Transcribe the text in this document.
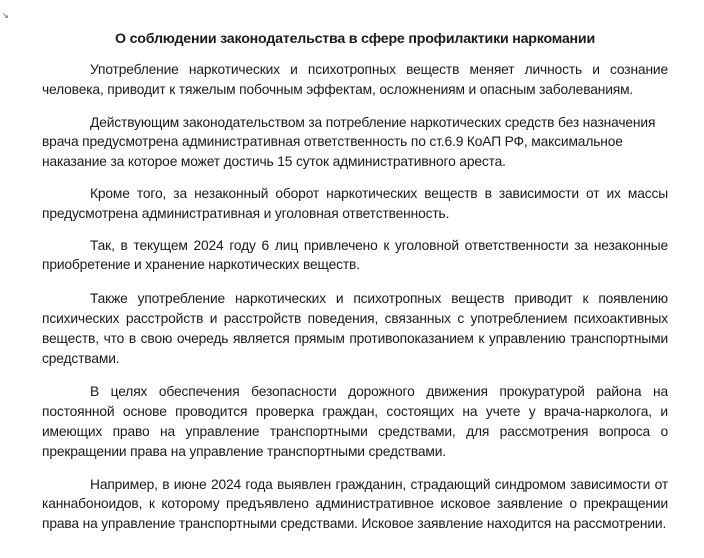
↘
О соблюдении законодательства в сфере профилактики наркомании

Употребление наркотических и психотропных веществ меняет личность и сознание человека, приводит к тяжелым побочным эффектам, осложнениям и опасным заболеваниям.

Действующим законодательством за потребление наркотических средств без назначения врача предусмотрена административная ответственность по ст.6.9 КоАП РФ, максимальное наказание за которое может достичь 15 суток административного ареста.

Кроме того, за незаконный оборот наркотических веществ в зависимости от их массы предусмотрена административная и уголовная ответственность.

Так, в текущем 2024 году 6 лиц привлечено к уголовной ответственности за незаконные приобретение и хранение наркотических веществ.

Также употребление наркотических и психотропных веществ приводит к появлению психических расстройств и расстройств поведения, связанных с употреблением психоактивных веществ, что в свою очередь является прямым противопоказанием к управлению транспортными средствами.

В целях обеспечения безопасности дорожного движения прокуратурой района на постоянной основе проводится проверка граждан, состоящих на учете у врача-нарколога, и имеющих право на управление транспортными средствами, для рассмотрения вопроса о прекращении права на управление транспортными средствами.

Например, в июне 2024 года выявлен гражданин, страдающий синдромом зависимости от каннабоноидов, к которому предъявлено административное исковое заявление о прекращении права на управление транспортными средствами. Исковое заявление находится на рассмотрении.
